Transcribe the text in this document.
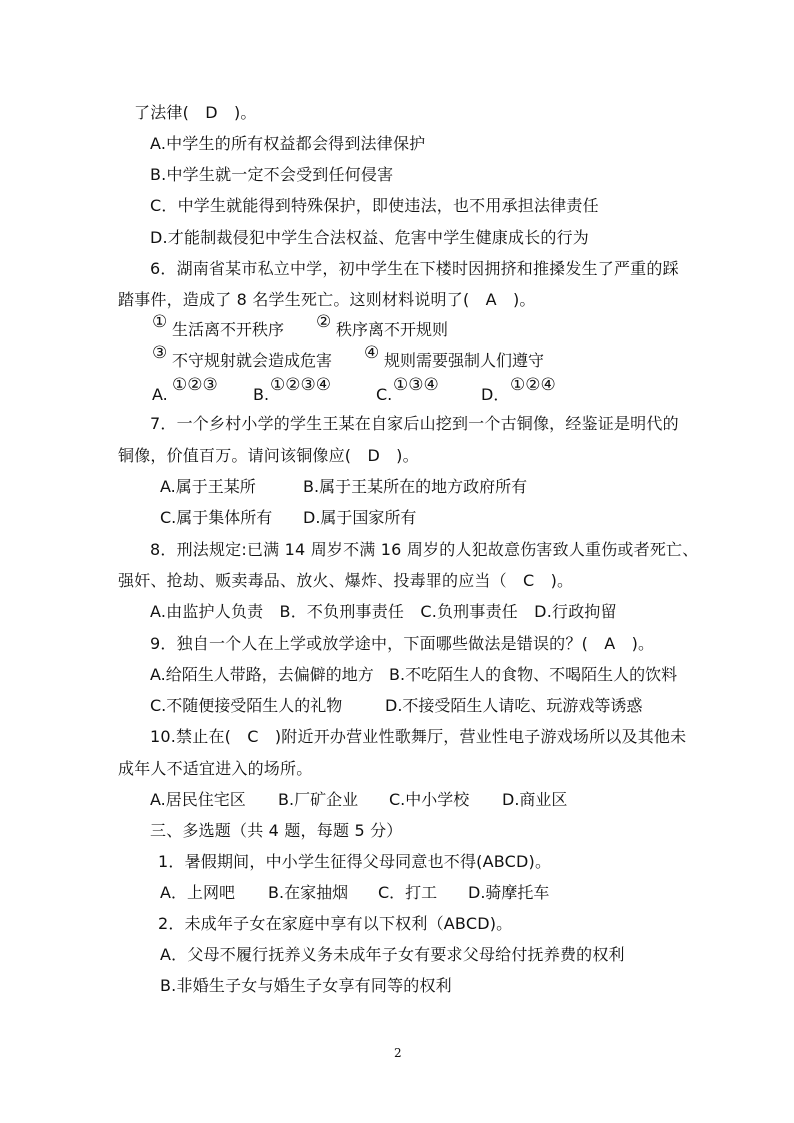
了法律(　D　)。
A.中学生的所有权益都会得到法律保护
B.中学生就一定不会受到任何侵害
C．中学生就能得到特殊保护，即使违法，也不用承担法律责任
D.才能制裁侵犯中学生合法权益、危害中学生健康成长的行为
6．湖南省某市私立中学，初中学生在下楼时因拥挤和推搡发生了严重的踩
踏事件，造成了 8 名学生死亡。这则材料说明了(　A　)。
① 生活离不开秩序 ② 秩序离不开规则
③ 不守规射就会造成危害 ④ 规则需要强制人们遵守
A. ①②③ B. ①②③④	C. ①③④	D． ①②④
7．一个乡村小学的学生王某在自家后山挖到一个古铜像，经鉴证是明代的
铜像，价值百万。请问该铜像应(　D　)。
A.属于王某所	B.属于王某所在的地方政府所有
C.属于集体所有 D.属于国家所有
8．刑法规定:已满 14 周岁不满 16 周岁的人犯故意伤害致人重伤或者死亡、
强奸、抢劫、贩卖毒品、放火、爆炸、投毒罪的应当（　C　)。
A.由监护人负责　B．不负刑事责任　C.负刑事责任　D.行政拘留
9．独自一个人在上学或放学途中，下面哪些做法是错误的？(　A　)。
A.给陌生人带路，去偏僻的地方 B.不吃陌生人的食物、不喝陌生人的饮料
C.不随便接受陌生人的礼物	D.不接受陌生人请吃、玩游戏等诱惑
10.禁止在(　C　)附近开办营业性歌舞厅，营业性电子游戏场所以及其他未
成年人不适宜进入的场所。
A.居民住宅区 B.厂矿企业 C.中小学校 D.商业区
三、多选题（共 4 题，每题 5 分）
1．暑假期间，中小学生征得父母同意也不得(ABCD)。
A．上网吧 B.在家抽烟 C．打工 D.骑摩托车
2．未成年子女在家庭中享有以下权利（ABCD)。
A．父母不履行抚养义务未成年子女有要求父母给付抚养费的权利
B.非婚生子女与婚生子女享有同等的权利
2
